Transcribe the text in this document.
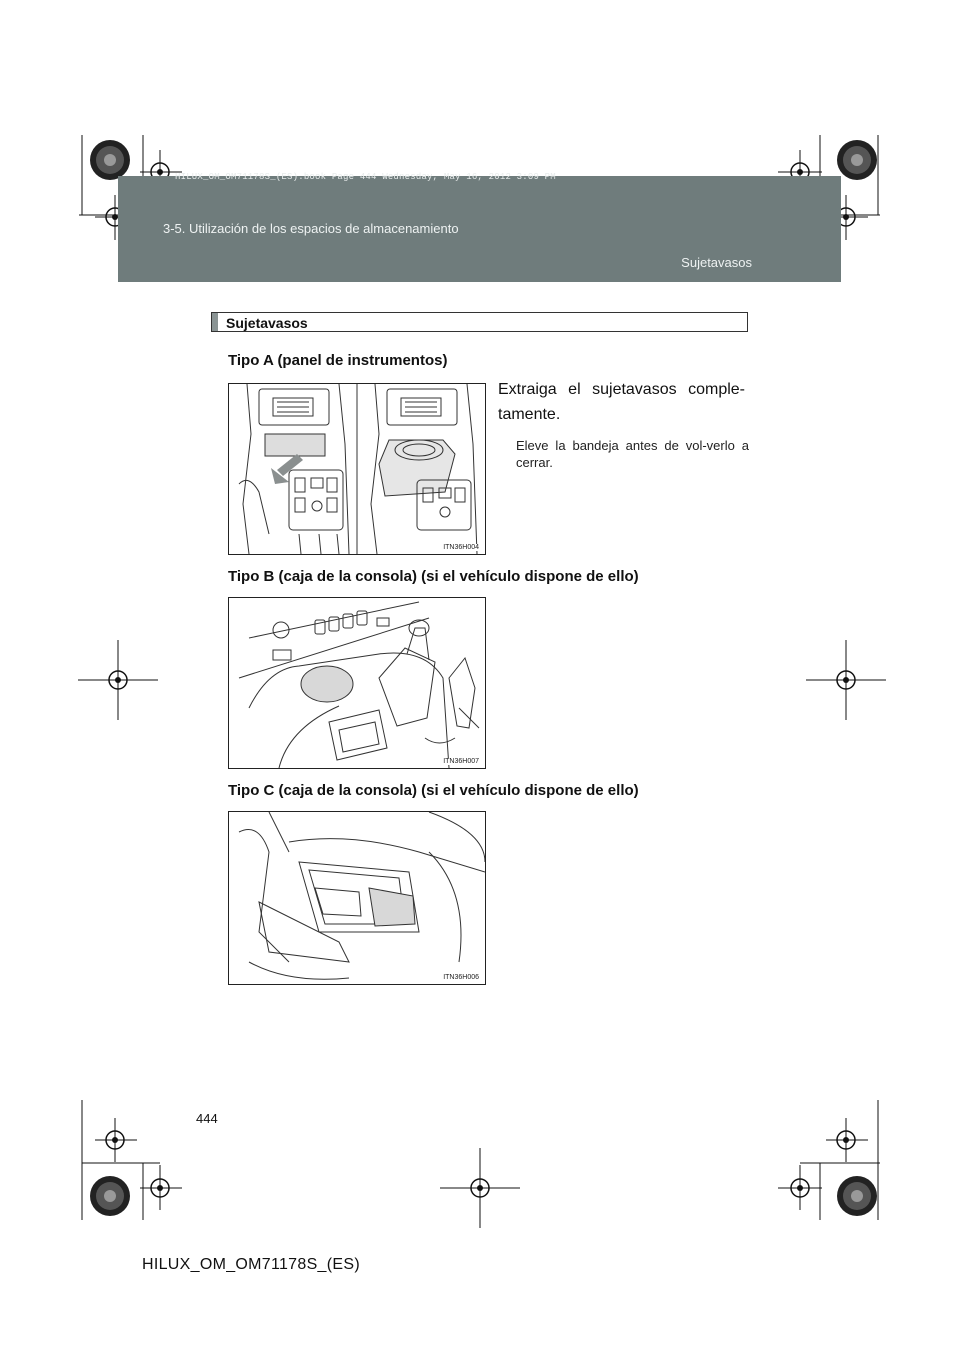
HILUX_OM_OM71178S_(ES).book Page 444 Wednesday, May 16, 2012 3:09 PM
3-5. Utilización de los espacios de almacenamiento
Sujetavasos
Sujetavasos
Tipo A (panel de instrumentos)
ITN36H004
Extraiga el sujetavasos comple-tamente.
Eleve la bandeja antes de vol-verlo a cerrar.
Tipo B (caja de la consola) (si el vehículo dispone de ello)
ITN36H007
Tipo C (caja de la consola) (si el vehículo dispone de ello)
ITN36H006
444
HILUX_OM_OM71178S_(ES)
